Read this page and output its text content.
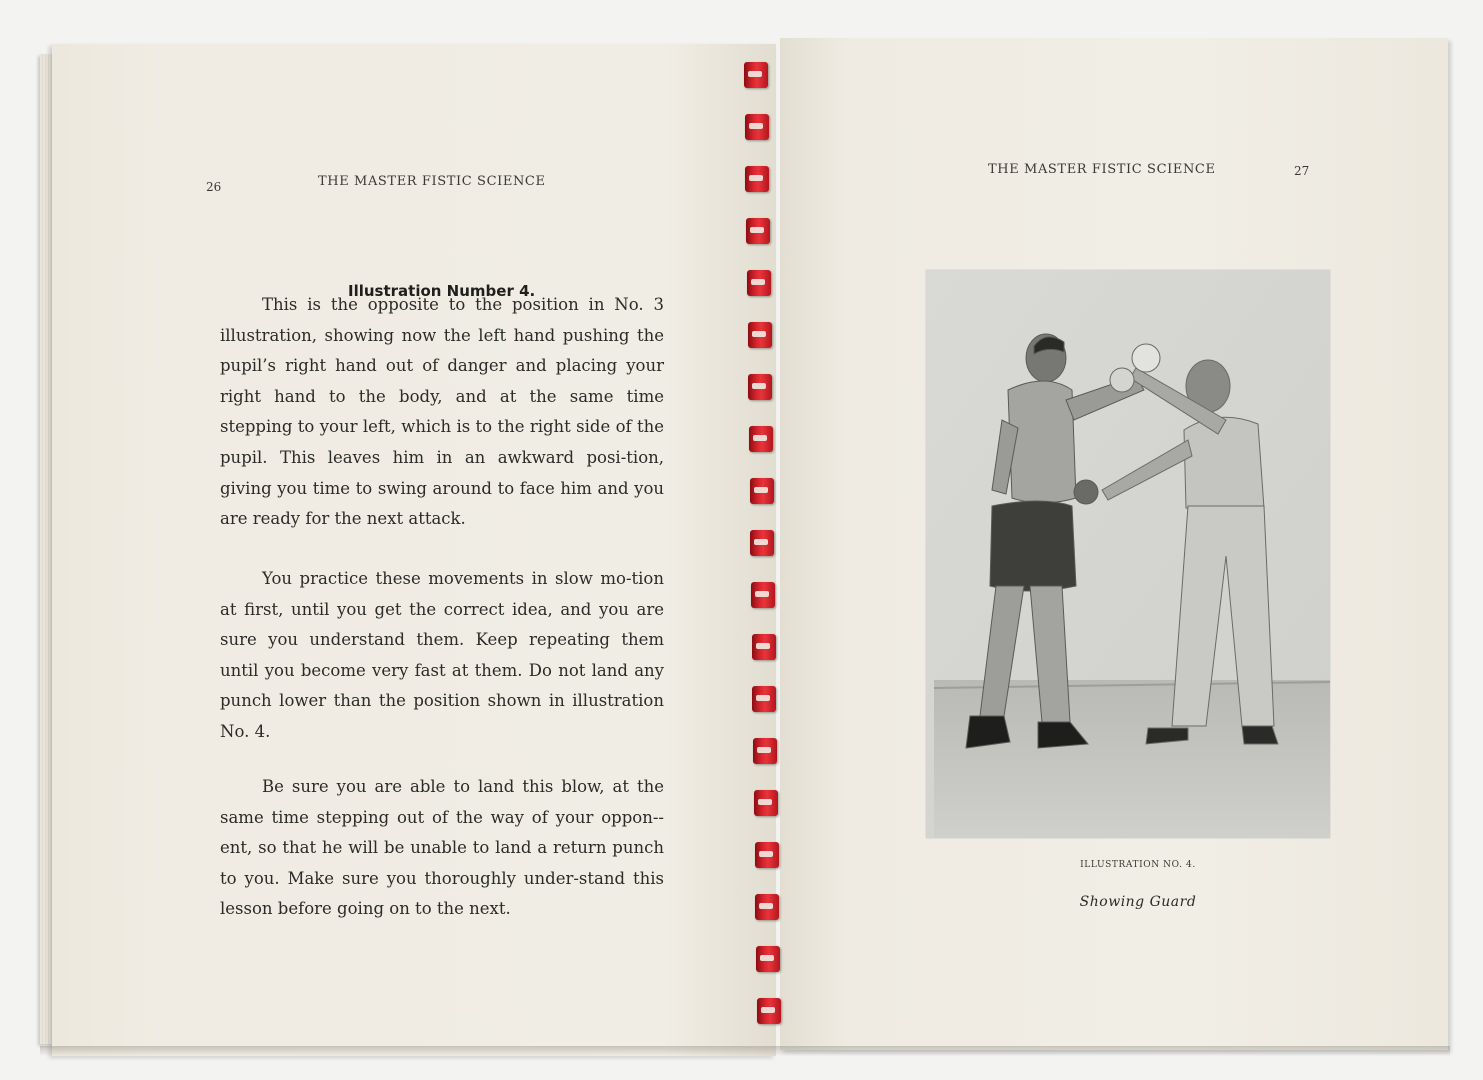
26	THE MASTER FISTIC SCIENCE
Illustration Number 4.

This is the opposite to the position in No. 3 illustration, showing now the left hand pushing the pupil’s right hand out of danger and placing your right hand to the body, and at the same time stepping to your left, which is to the right side of the pupil. This leaves him in an awkward posi-tion, giving you time to swing around to face him and you are ready for the next attack.

You practice these movements in slow mo-tion at first, until you get the correct idea, and you are sure you understand them. Keep repeating them until you become very fast at them. Do not land any punch lower than the position shown in illustration No. 4.

Be sure you are able to land this blow, at the same time stepping out of the way of your oppon-ent, so that he will be unable to land a return punch to you. Make sure you thoroughly under-stand this lesson before going on to the next.

THE MASTER FISTIC SCIENCE	27
ILLUSTRATION NO. 4.
Showing Guard
